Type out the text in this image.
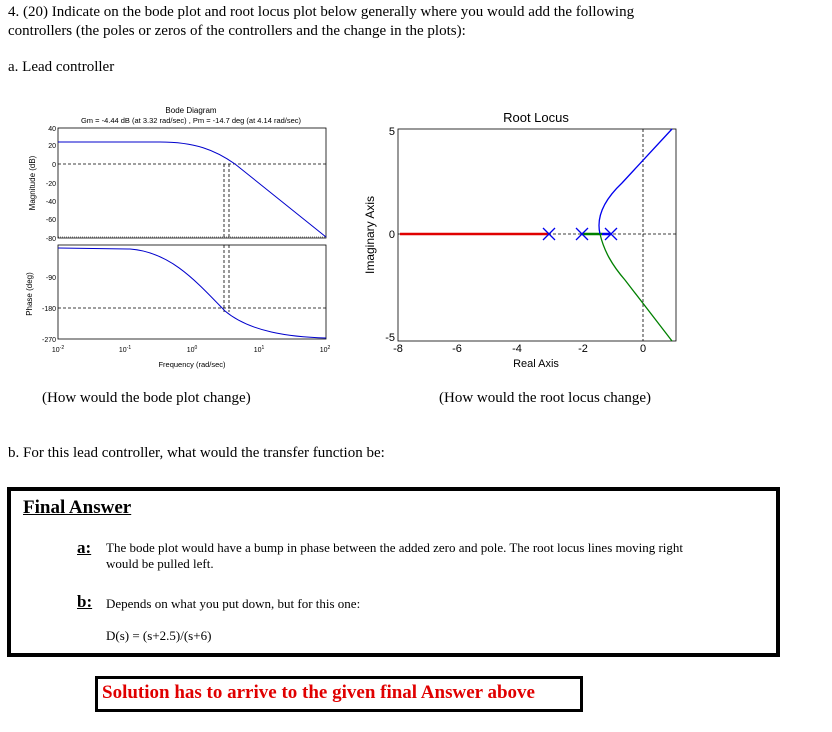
4. (20) Indicate on the bode plot and root locus plot below generally where you would add the following
controllers (the poles or zeros of the controllers and the change in the plots):
a. Lead controller
Bode Diagram
Gm = -4.44 dB (at 3.32 rad/sec) , Pm = -14.7 deg (at 4.14 rad/sec)
Magnitude (dB)
40
20
0
-20
-40
-60
-80
Phase (deg) -90
-180
-270
$10^{-2}$	$10^{-1}$	$10^0$	$10^1$	$10^2$
Frequency (rad/sec)
(How would the bode plot change)
Root Locus
Imaginary Axis
5
0
-5
-8	-6	-4	-2	0
Real Axis
(How would the root locus change)
b. For this lead controller, what would the transfer function be:
Final Answer
a: The bode plot would have a bump in phase between the added zero and pole. The root locus lines moving right
would be pulled left.
b: Depends on what you put down, but for this one:
D(s) = (s+2.5)/(s+6)
Solution has to arrive to the given final Answer above
